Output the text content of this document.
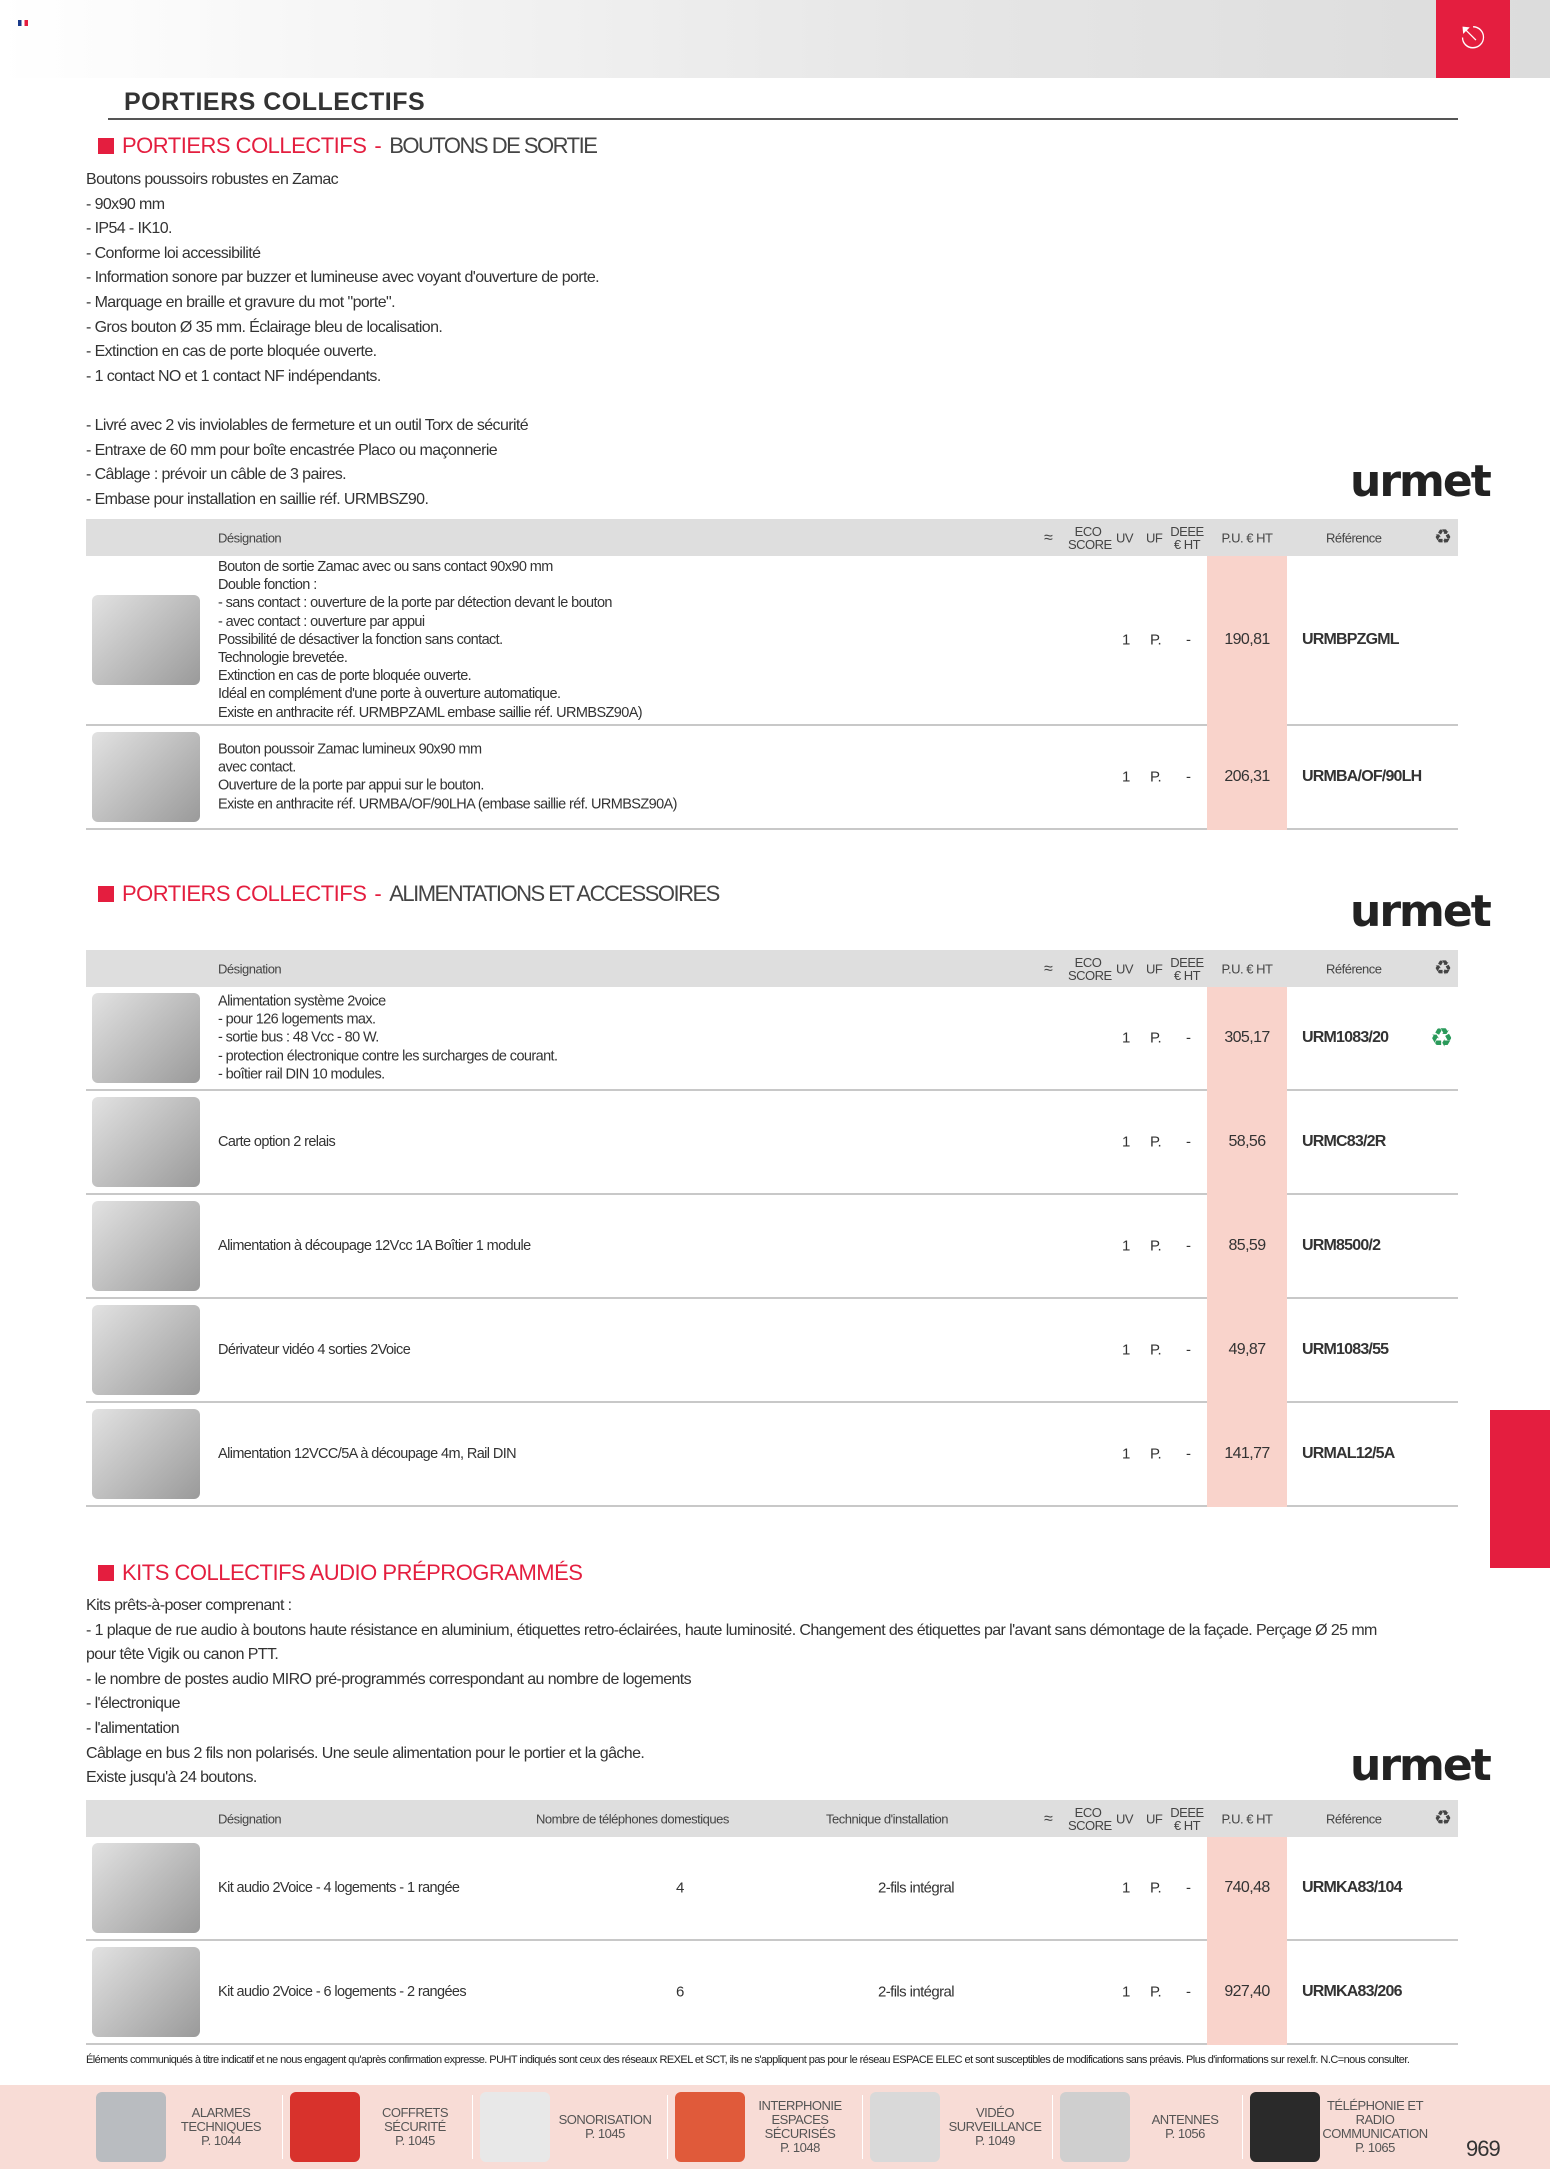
⎋
PORTIERS COLLECTIFS
PORTIERS COLLECTIFS - BOUTONS DE SORTIE
Boutons poussoirs robustes en Zamac
- 90x90 mm
- IP54 - IK10.
- Conforme loi accessibilité
- Information sonore par buzzer et lumineuse avec voyant d'ouverture de porte.
- Marquage en braille et gravure du mot "porte".
- Gros bouton Ø 35 mm. Éclairage bleu de localisation.
- Extinction en cas de porte bloquée ouverte.
- 1 contact NO et 1 contact NF indépendants.
- Livré avec 2 vis inviolables de fermeture et un outil Torx de sécurité
- Entraxe de 60 mm pour boîte encastrée Placo ou maçonnerie
- Câblage : prévoir un câble de 3 paires.
- Embase pour installation en saillie réf. URMBSZ90.	urmet
Désignation	ECO SCORE UV UF DEEE € HT	P.U. € HT	Référence
≈	♻
Bouton de sortie Zamac avec ou sans contact 90x90 mm
Double fonction :
- sans contact : ouverture de la porte par détection devant le bouton
- avec contact : ouverture par appui
Possibilité de désactiver la fonction sans contact.
Technologie brevetée.
Extinction en cas de porte bloquée ouverte.
Idéal en complément d'une porte à ouverture automatique.
Existe en anthracite réf. URMBPZAML embase saillie réf. URMBSZ90A)
1 P. -	190,81	URMBPZGML
Bouton poussoir Zamac lumineux 90x90 mm
avec contact.
Ouverture de la porte par appui sur le bouton.
Existe en anthracite réf. URMBA/OF/90LHA (embase saillie réf. URMBSZ90A)
1 P. -	206,31	URMBA/OF/90LH
PORTIERS COLLECTIFS - ALIMENTATIONS ET ACCESSOIRES	urmet
Désignation	ECO SCORE UV UF DEEE € HT	P.U. € HT	Référence
≈	♻
Alimentation système 2voice
- pour 126 logements max.
- sortie bus : 48 Vcc - 80 W.
- protection électronique contre les surcharges de courant.
- boîtier rail DIN 10 modules.
1 P. -	305,17	URM1083/20 ♻
Carte option 2 relais	1 P. -	58,56	URMC83/2R
Alimentation à découpage 12Vcc 1A Boîtier 1 module	1 P. -	85,59	URM8500/2
Dérivateur vidéo 4 sorties 2Voice	1 P. -	49,87	URM1083/55
Alimentation 12VCC/5A à découpage 4m, Rail DIN	1 P. -	141,77	URMAL12/5A
KITS COLLECTIFS AUDIO PRÉPROGRAMMÉS
Kits prêts-à-poser comprenant :
- 1 plaque de rue audio à boutons haute résistance en aluminium, étiquettes retro-éclairées, haute luminosité. Changement des étiquettes par l'avant sans démontage de la façade. Perçage Ø 25 mm
pour tête Vigik ou canon PTT.
- le nombre de postes audio MIRO pré-programmés correspondant au nombre de logements
- l'électronique
- l'alimentation
Câblage en bus 2 fils non polarisés. Une seule alimentation pour le portier et la gâche.
Existe jusqu'à 24 boutons.	urmet
Désignation	ECO SCORE UV UF DEEE € HT	P.U. € HT	Référence
Nombre de téléphones domestiques	Technique d'installation	≈	♻
Kit audio 2Voice - 4 logements - 1 rangée	4	2-fils intégral	1 P. -	740,48	URMKA83/104
Kit audio 2Voice - 6 logements - 2 rangées	6	2-fils intégral	1 P. -	927,40	URMKA83/206
Éléments communiqués à titre indicatif et ne nous engagent qu'après confirmation expresse. PUHT indiqués sont ceux des réseaux REXEL et SCT, ils ne s'appliquent pas pour le réseau ESPACE ELEC et sont susceptibles de modifications sans préavis. Plus d'informations sur rexel.fr. N.C=nous consulter.
ALARMES TECHNIQUES
P. 1044
COFFRETS SÉCURITÉ
P. 1045
SONORISATION
P. 1045
INTERPHONIE ESPACES SÉCURISÉS
P. 1048
VIDÉO SURVEILLANCE
P. 1049
ANTENNES
P. 1056
TÉLÉPHONIE ET RADIO COMMUNICATION
P. 1065	969
